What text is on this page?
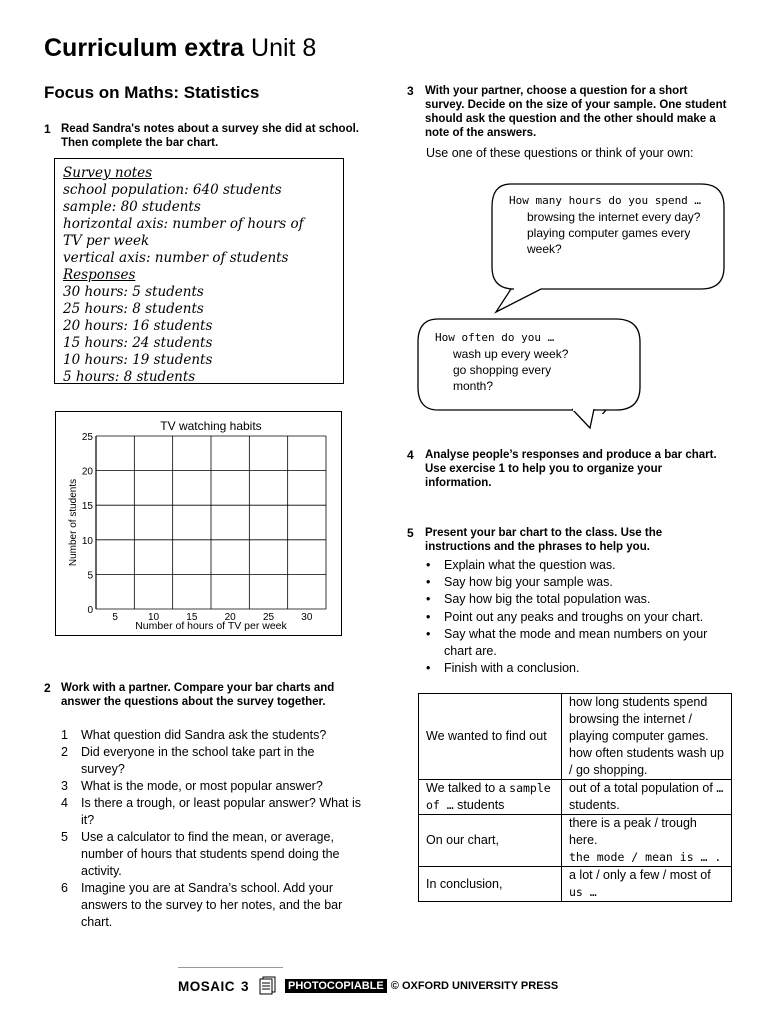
Curriculum extra Unit 8
Focus on Maths: Statistics
1 Read Sandra's notes about a survey she did at school. Then complete the bar chart.
Survey notes
school population: 640 students
sample: 80 students
horizontal axis: number of hours of
TV per week
vertical axis: number of students
Responses
30 hours: 5 students
25 hours: 8 students
20 hours: 16 students
15 hours: 24 students
10 hours: 19 students
5 hours: 8 students
0
5
10
15
20
25
5	10	15	20	25	30
TV watching habits
Number of hours of TV per week
Number of students
2 Work with a partner. Compare your bar charts and answer the questions about the survey together.
1 What question did Sandra ask the students?
2 Did everyone in the school take part in the survey?
3 What is the mode, or most popular answer?
4 Is there a trough, or least popular answer? What is it?
5 Use a calculator to find the mean, or average, number of hours that students spend doing the activity.
6 Imagine you are at Sandra’s school. Add your answers to the survey to her notes, and the bar chart.
3 With your partner, choose a question for a short survey. Decide on the size of your sample. One student should ask the question and the other should make a note of the answers.
Use one of these questions or think of your own:
How many hours do you spend …
browsing the internet every day?
playing computer games every week?
How often do you …
wash up every week?
go shopping every month?
4 Analyse people’s responses and produce a bar chart. Use exercise 1 to help you to organize your information.
5 Present your bar chart to the class. Use the instructions and the phrases to help you.
• Explain what the question was.
• Say how big your sample was.
• Say how big the total population was.
• Point out any peaks and troughs on your chart.
• Say what the mode and mean numbers on your chart are.
• Finish with a conclusion.
We wanted to find out	how long students spend browsing the internet / playing computer games. how often students wash up / go shopping.
We talked to a sample of … students	out of a total population of … students.
On our chart,	there is a peak / trough here.
the mode / mean is … .

In conclusion,	a lot / only a few / most of us …
MOSAIC 3	PHOTOCOPIABLE © OXFORD UNIVERSITY PRESS
